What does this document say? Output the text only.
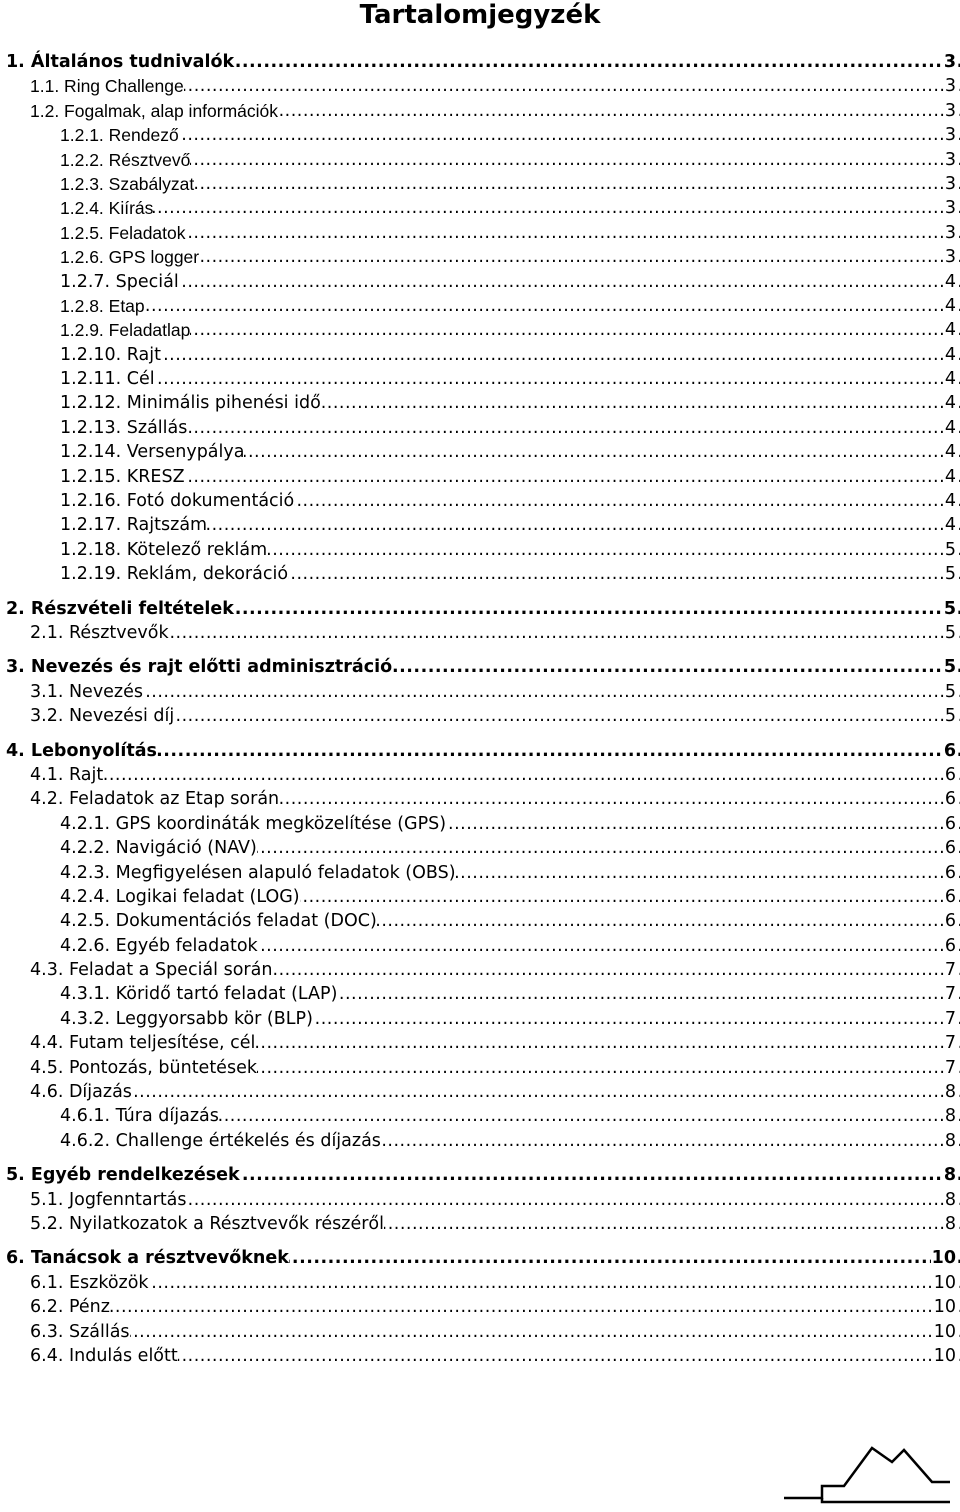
Tartalomjegyzék
.....
1. Általános tudnivalók	3
.....
1.1. Ring Challenge	3
.....
1.2. Fogalmak, alap információk	3
.....
1.2.1. Rendező	3
.....
1.2.2. Résztvevő	3
.....
1.2.3. Szabályzat	3
.....
1.2.4. Kiírás	3
.....
1.2.5. Feladatok	3
.....
1.2.6. GPS logger	3
.....
1.2.7. Speciál	4
.....
1.2.8. Etap	4
.....
1.2.9. Feladatlap	4
.....
1.2.10. Rajt	4
.....
1.2.11. Cél	4
.....
1.2.12. Minimális pihenési idő	4
.....
1.2.13. Szállás	4
.....
1.2.14. Versenypálya	4
.....
1.2.15. KRESZ	4
.....
1.2.16. Fotó dokumentáció	4
.....
1.2.17. Rajtszám	4
.....
1.2.18. Kötelező reklám	5
.....
1.2.19. Reklám, dekoráció	5
.....
2. Részvételi feltételek	5
.....
2.1. Résztvevők	5
.....
3. Nevezés és rajt előtti adminisztráció	5
.....
3.1. Nevezés	5
.....
3.2. Nevezési díj	5
.....
4. Lebonyolítás	6
.....
4.1. Rajt	6
.....
4.2. Feladatok az Etap során	6
.....
4.2.1. GPS koordináták megközelítése (GPS)	6
.....
4.2.2. Navigáció (NAV)	6
.....
4.2.3. Megfigyelésen alapuló feladatok (OBS)	6
.....
4.2.4. Logikai feladat (LOG)	6
.....
4.2.5. Dokumentációs feladat (DOC)	6
.....
4.2.6. Egyéb feladatok	6
.....
4.3. Feladat a Speciál során	7
.....
4.3.1. Köridő tartó feladat (LAP)	7
.....
4.3.2. Leggyorsabb kör (BLP)	7
.....
4.4. Futam teljesítése, cél	7
.....
4.5. Pontozás, büntetések	7
.....
4.6. Díjazás	8
.....
4.6.1. Túra díjazás	8
.....
4.6.2. Challenge értékelés és díjazás	8
.....
5. Egyéb rendelkezések	8
.....
5.1. Jogfenntartás	8
.....
5.2. Nyilatkozatok a Résztvevők részéről	8
.....
6. Tanácsok a résztvevőknek	10
.....
6.1. Eszközök	10
.....
6.2. Pénz	10
.....
6.3. Szállás	10
.....
6.4. Indulás előtt	10
